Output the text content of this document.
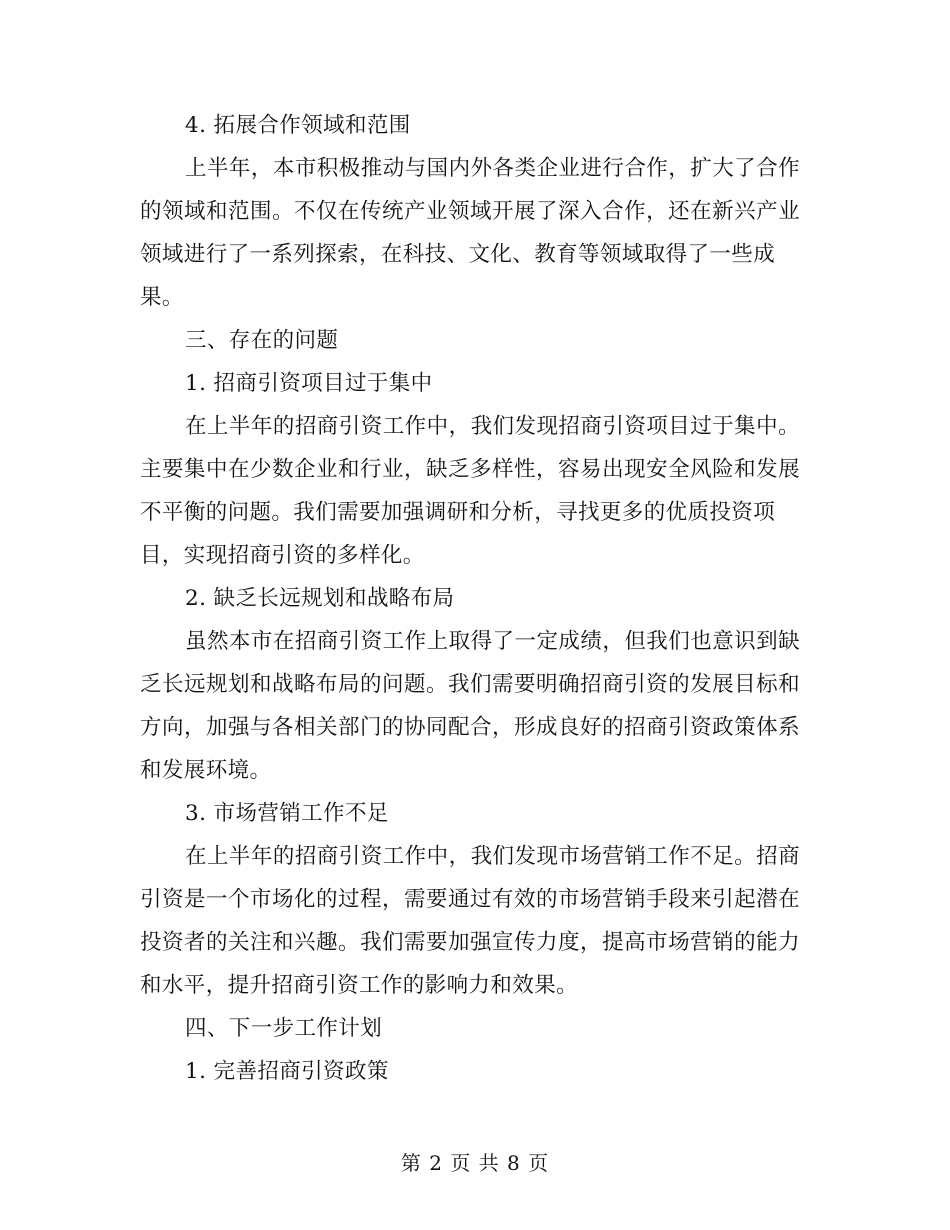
4. 拓展合作领域和范围
上半年，本市积极推动与国内外各类企业进行合作，扩大了合作
的领域和范围。不仅在传统产业领域开展了深入合作，还在新兴产业
领域进行了一系列探索，在科技、文化、教育等领域取得了一些成
果。
三、存在的问题
1. 招商引资项目过于集中
在上半年的招商引资工作中，我们发现招商引资项目过于集中。
主要集中在少数企业和行业，缺乏多样性，容易出现安全风险和发展
不平衡的问题。我们需要加强调研和分析，寻找更多的优质投资项
目，实现招商引资的多样化。
2. 缺乏长远规划和战略布局
虽然本市在招商引资工作上取得了一定成绩，但我们也意识到缺
乏长远规划和战略布局的问题。我们需要明确招商引资的发展目标和
方向，加强与各相关部门的协同配合，形成良好的招商引资政策体系
和发展环境。
3. 市场营销工作不足
在上半年的招商引资工作中，我们发现市场营销工作不足。招商
引资是一个市场化的过程，需要通过有效的市场营销手段来引起潜在
投资者的关注和兴趣。我们需要加强宣传力度，提高市场营销的能力
和水平，提升招商引资工作的影响力和效果。
四、下一步工作计划
1. 完善招商引资政策
第 2 页 共 8 页
